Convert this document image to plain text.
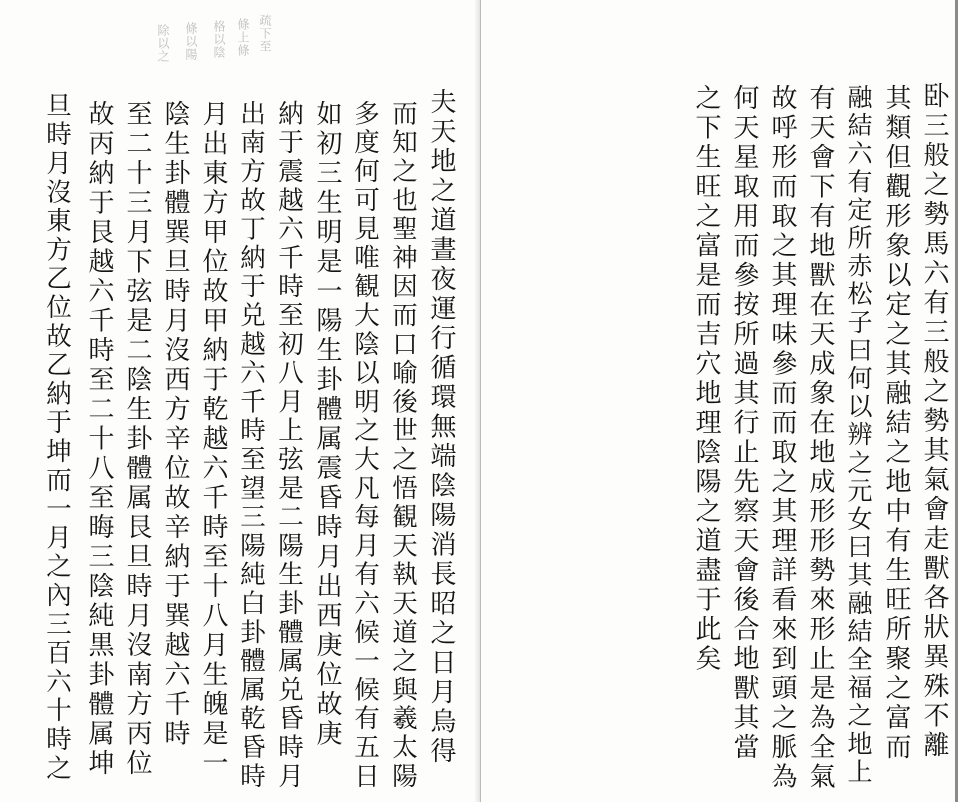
疏下至
條上條
格以陰
條以陽
除以之
夫天地之道晝夜運行循環無端陰陽消長昭之日月烏得
而知之也聖神因而口喻後世之悟観天執天道之與羲太陽
多度何可見唯観大陰以明之大凡每月有六候一候有五日
如初三生明是一陽生卦體属震昏時月出西庚位故庚
納于震越六千時至初八月上弦是二陽生卦體属兑昏時月
出南方故丁納于兑越六千時至望三陽純白卦體属乾昏時
月出東方甲位故甲納于乾越六千時至十八月生魄是一
陰生卦體巽旦時月沒西方辛位故辛納于巽越六千時
至二十三月下弦是二陰生卦體属艮旦時月沒南方丙位
故丙納于艮越六千時至二十八至晦三陰純黒卦體属坤
旦時月沒東方乙位故乙納于坤而一月之內三百六十時之
　　　　　　　　　	卧三般之勢馬六有三般之勢其氣會走獸各狀異殊不離
其類但觀形象以定之其融結之地中有生旺所聚之富而
融結六有定所赤松子曰何以辨之元女曰其融結全福之地上
有天會下有地獸在天成象在地成形形勢來形止是為全氣
故呼形而取之其理味參而而取之其理詳看來到頭之脈為
何天星取用而參按所過其行止先察天會後合地獸其當
之下生旺之富是而吉穴地理陰陽之道盡于此矣
